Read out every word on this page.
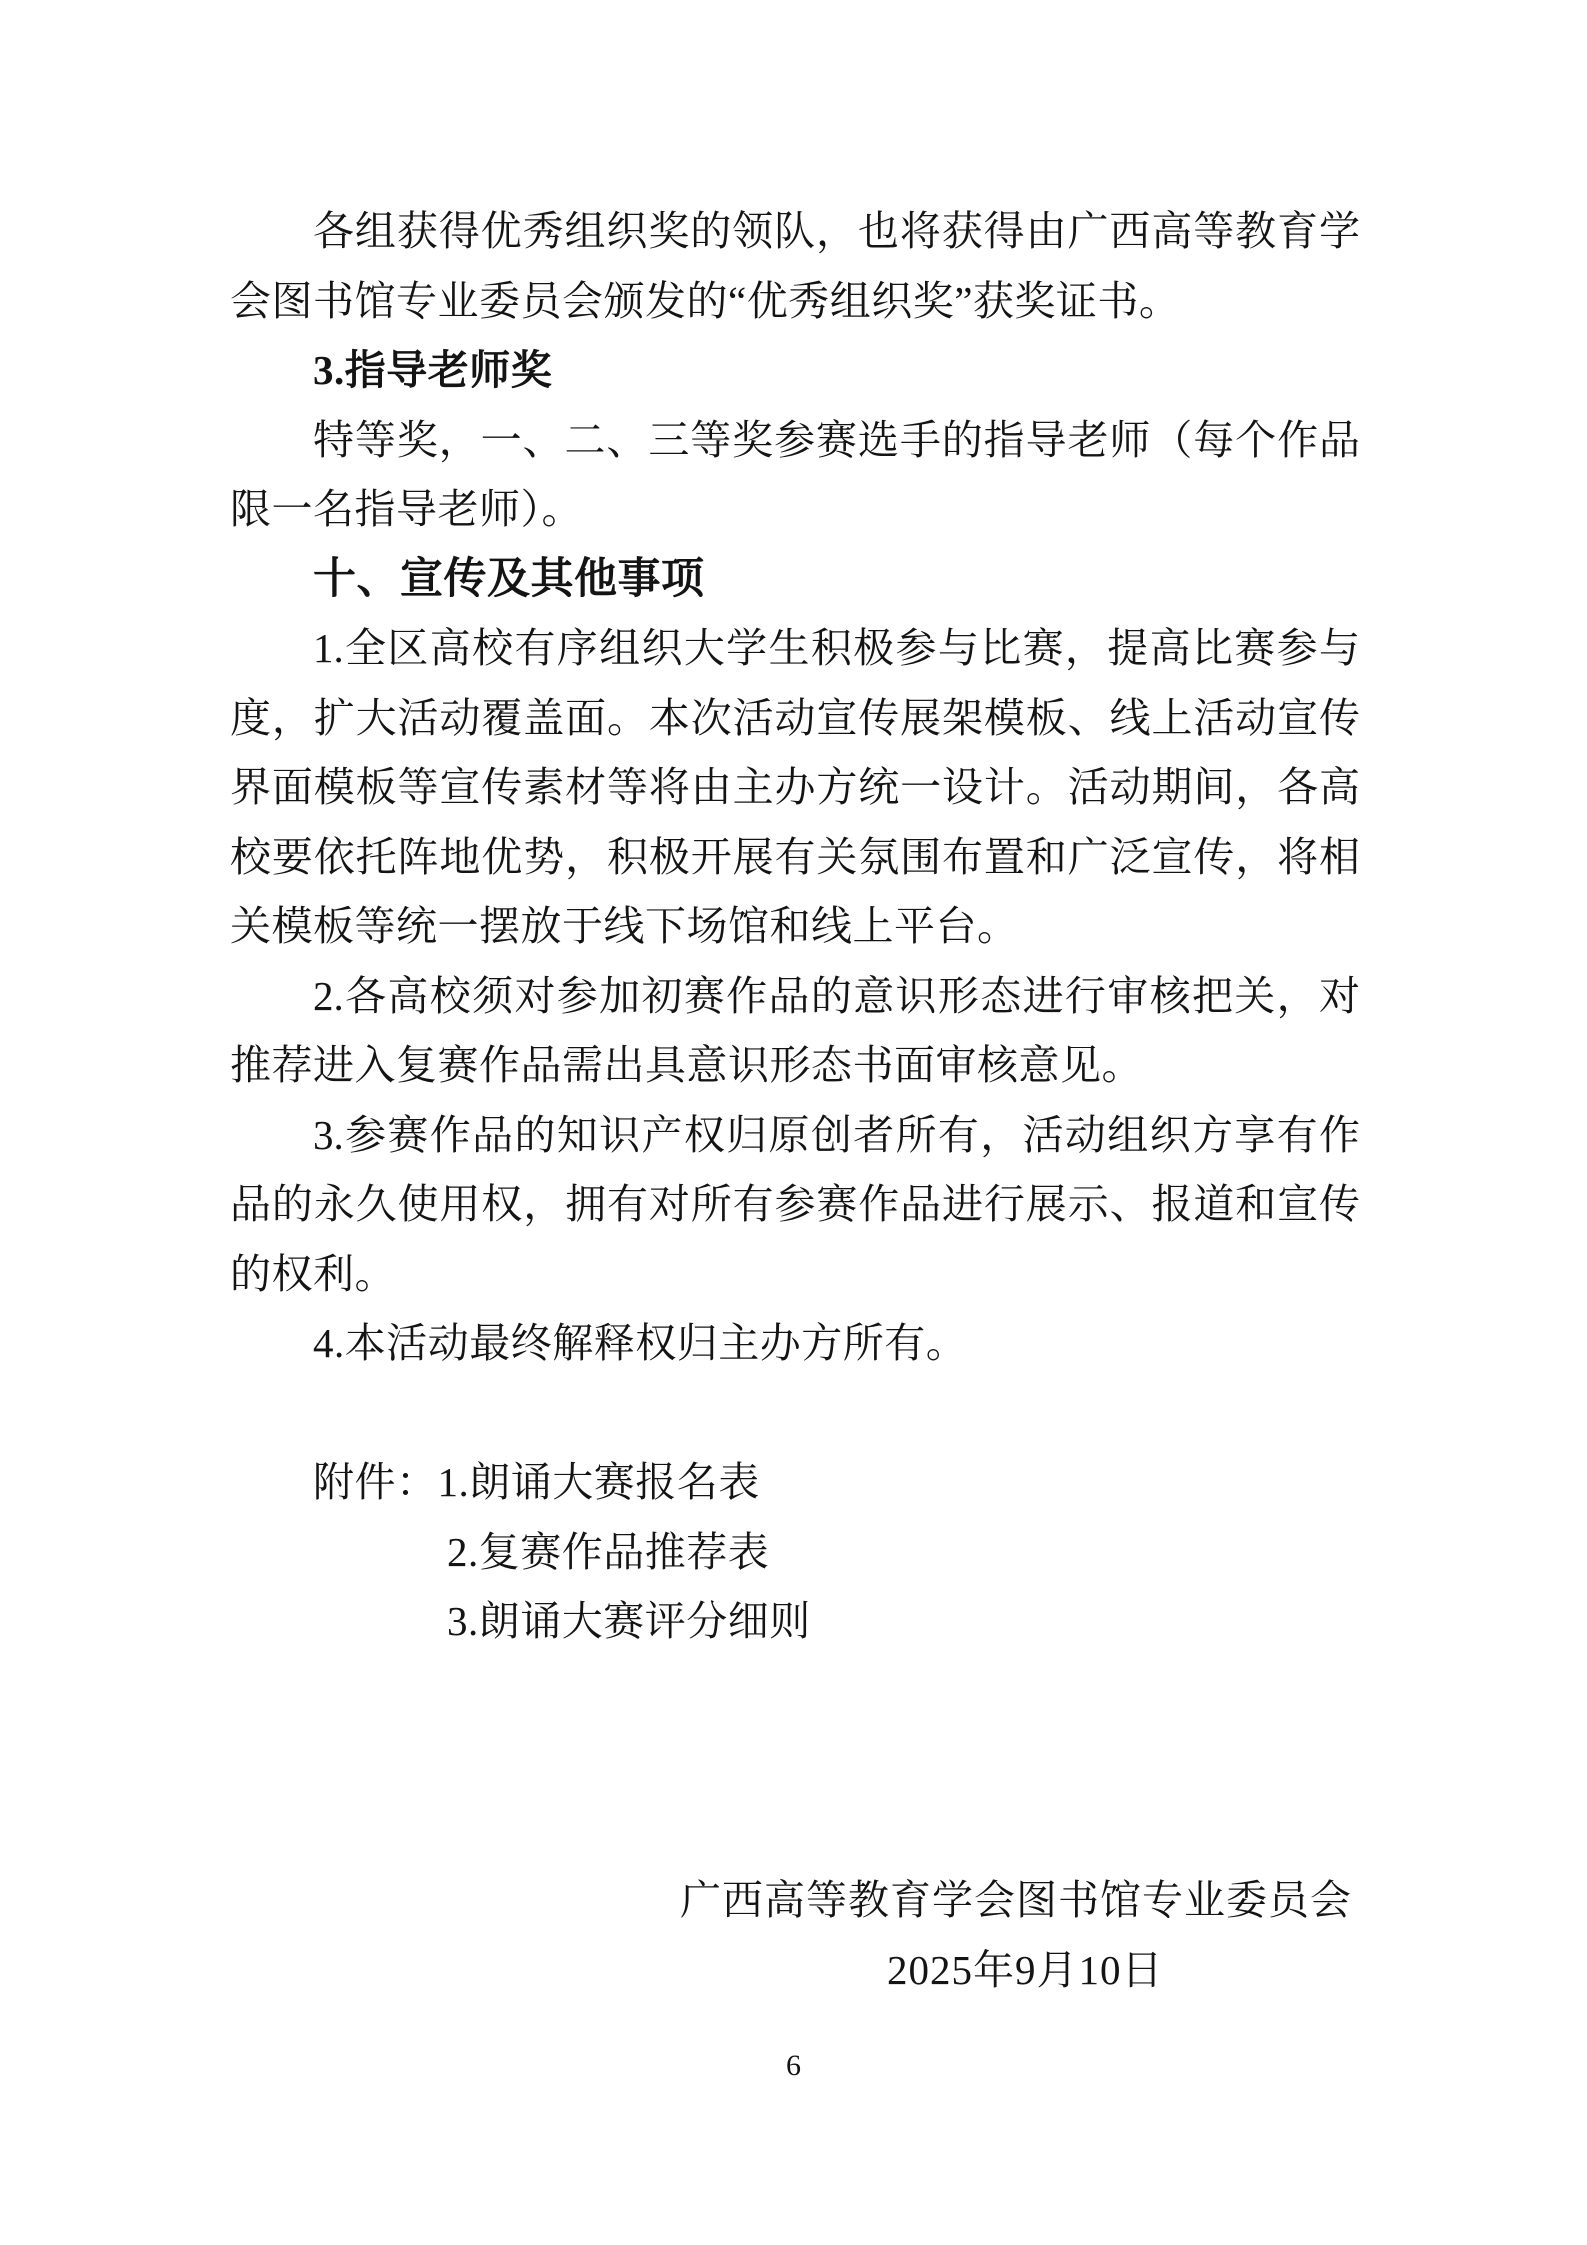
各组获得优秀组织奖的领队，也将获得由广西高等教育学
会图书馆专业委员会颁发的“优秀组织奖”获奖证书。
3.指导老师奖
特等奖，一、二、三等奖参赛选手的指导老师（每个作品
限一名指导老师）。
十、宣传及其他事项
1.全区高校有序组织大学生积极参与比赛，提高比赛参与
度，扩大活动覆盖面。本次活动宣传展架模板、线上活动宣传
界面模板等宣传素材等将由主办方统一设计。活动期间，各高
校要依托阵地优势，积极开展有关氛围布置和广泛宣传，将相
关模板等统一摆放于线下场馆和线上平台。
2.各高校须对参加初赛作品的意识形态进行审核把关，对
推荐进入复赛作品需出具意识形态书面审核意见。
3.参赛作品的知识产权归原创者所有，活动组织方享有作
品的永久使用权，拥有对所有参赛作品进行展示、报道和宣传
的权利。
4.本活动最终解释权归主办方所有。
附件：1.朗诵大赛报名表
2.复赛作品推荐表
3.朗诵大赛评分细则
广西高等教育学会图书馆专业委员会
2025年9月10日
6
